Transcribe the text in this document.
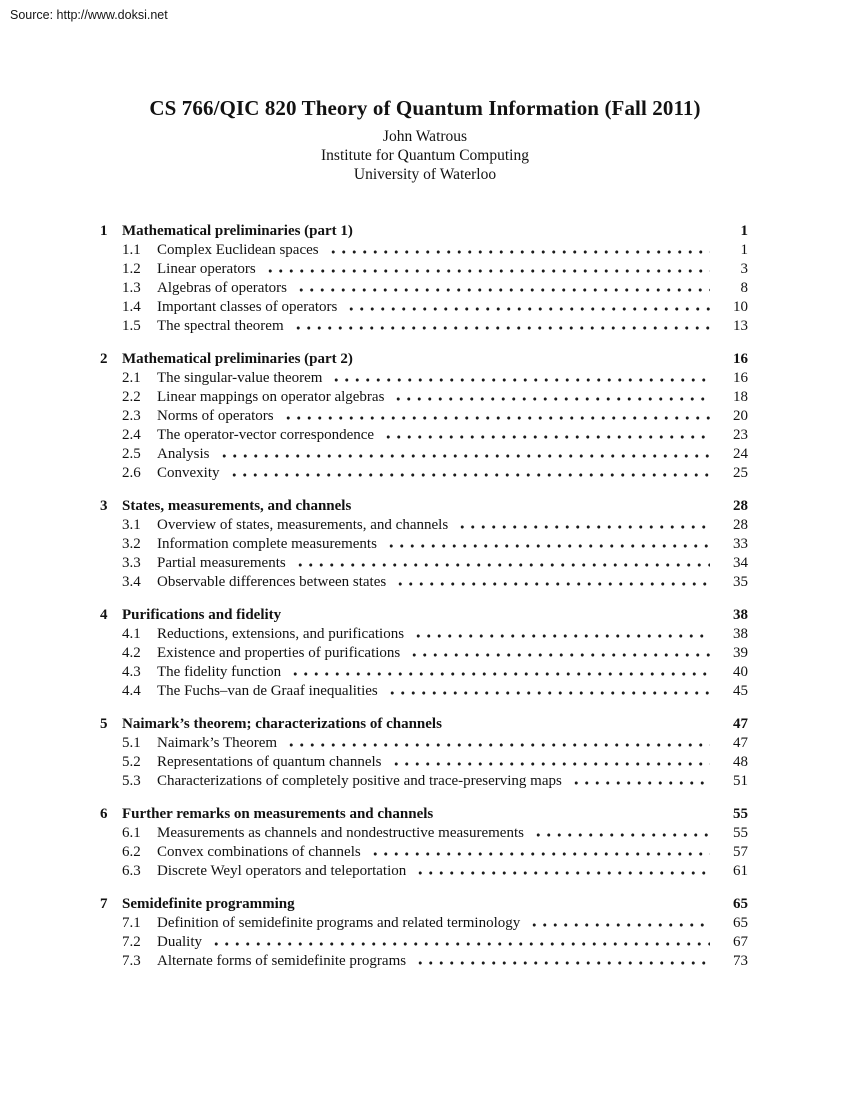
Source: http://www.doksi.net
CS 766/QIC 820 Theory of Quantum Information (Fall 2011)
John Watrous
Institute for Quantum Computing
University of Waterloo
1 Mathematical preliminaries (part 1)	1
1.1	Complex Euclidean spaces	1
1.2	Linear operators	3
1.3	Algebras of operators	8
1.4	Important classes of operators	10
1.5	The spectral theorem	13
2 Mathematical preliminaries (part 2)	16
2.1	The singular-value theorem	16
2.2	Linear mappings on operator algebras	18
2.3	Norms of operators	20
2.4	The operator-vector correspondence	23
2.5	Analysis	24
2.6	Convexity	25
3 States, measurements, and channels	28
3.1	Overview of states, measurements, and channels	28
3.2	Information complete measurements	33
3.3	Partial measurements	34
3.4	Observable differences between states	35
4 Purifications and fidelity	38
4.1	Reductions, extensions, and purifications	38
4.2	Existence and properties of purifications	39
4.3	The fidelity function	40
4.4	The Fuchs–van de Graaf inequalities	45
5 Naimark’s theorem; characterizations of channels	47
5.1	Naimark’s Theorem	47
5.2	Representations of quantum channels	48
5.3	Characterizations of completely positive and trace-preserving maps	51
6 Further remarks on measurements and channels	55
6.1	Measurements as channels and nondestructive measurements	55
6.2	Convex combinations of channels	57
6.3	Discrete Weyl operators and teleportation	61
7 Semidefinite programming	65
7.1	Definition of semidefinite programs and related terminology	65
7.2	Duality	67
7.3	Alternate forms of semidefinite programs	73
